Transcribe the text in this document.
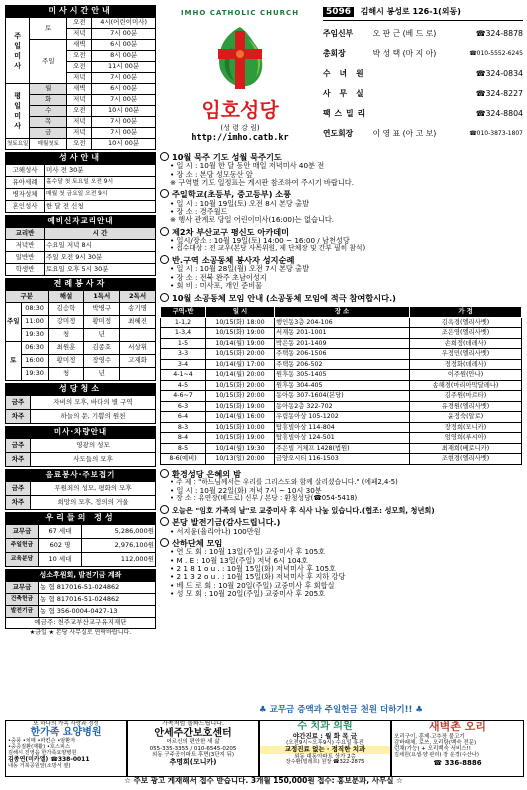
미사시간안내
주
일
미
사	토	오전	4시(어린이미사)
		저녁	7시 00분
	주일	새벽	6시 00분
		오전	8시 00분
		오전	11시 00분
		저녁	7시 00분
평
일
미
사	월	새벽	6시 00분
	화	저녁	7시 00분
	수	오전	10시 00분
	목	저녁	7시 00분
	금	저녁	7시 00분
첫토요일	매월첫토	오전	10시 00분
성사안내
고해성사	미사 전 30분
유아세례	홀수달 첫 토요일 오전 9시
병자성체	매월 첫 금요일 오전 9시
혼인성사	한 달 전 신청
예비신자교리안내
교리반	시 간
저녁반	수요일 저녁 8시
일반반	주일 오전 9시 30분
학생반	토요일 오후 5시 30분
전례봉사자
구분		해설	1독서	2독서
주일	08:30	김승학	박병구	송기명
	11:00	강미정	황미정	최혜진
	19:30	청	년	
토	06:30	최원훈	김종호	서상휘
	16:00	황미정	장영수	고재화
	19:30	청	년	
성당청소
금주	자비의 모후, 바다의 별 구역
차주	하늘의 문, 기쁨의 원천
미사·차량안내
금주	영광의 성모
차주	사도들의 모후
음료봉사·주보접기
금주	무원죄의 성모, 평화의 모후
차주	희망의 모후, 정의의 거울
우리들의 정성
교무금	67 세대	5,286,000원
주일헌금	602 명	2,976,100원
교육분담	10 세대	112,000원
성소후원회, 발전기금 계좌
교무금	농 협 817016-51-024862
건축헌금	농 협 817016-51-024862
발전기금	농 협 356-0004-0427-13
예금주: 천주교부산교구유지재단	
★금일 ★ 본당 사무실로 연락바랍니다.
IMHO CATHOLIC CHURCH
임호성당
(성 령 강 림)
http://imho.catb.kr
5096 김해시 봉성로 126-1(외동)
주임신부	오 판 근 (베 드 로)	☎324-8878
총회장	박 성 택 (마 지 아)	☎010-5552-6245
수녀원		☎324-0834
사무실		☎324-8227
팩스밀리		☎324-8804
연도회장	이 영 표 (아 고 보)	☎010-3873-1807
10월 묵주 기도 성월 묵주기도
• 일 시 : 10월 한 달 동안 매일 저녁미사 40분 전
• 장 소 : 본당 성모동산 앞
※ 구역별 기도 일정표는 게시판 참조하여 주시기 바랍니다.
주일학교(초등부, 중고등부) 소풍
• 일 시 : 10월 19일(토) 오전 8시 본당 출발
• 장 소 : 경주월드
※ 행사 관계로 당일 어린이미사(16:00)는 없습니다.
제2차 부산교구 평신도 아카데미
• 일시/장소 : 10월 19일(토) 14:00 ~ 16:00 / 남천성당
• 접수대상 : 전 교우(본당 사목위원, 제 단체장 및 간부 필히 참석)
반.구역 소공동체 봉사자 성지순례
• 일 시 : 10월 28일(월) 오전 7시 본당 출발
• 장 소 : 전북 완주 초남이성지
• 회 비 : 미사포, 개인 준비물
10월 소공동체 모임 안내 (소공동체 모임에 적극 참여합시다.)
구역-반	일 시	장 소	가 정
1-1,2	10/15(화) 18:00	행인동3층 204-106	김옥경(엘리사벳)
1-3,4	10/15(화) 19:00	서재동 201-1001	조은영(엘리사벳)
1-5	10/14(월) 19:00	박은동 201-1409	손희정(데레사)
3-3	10/15(화) 20:00	주택동 206-1506	우정민(엘리사벳)
3-4	10/14(월) 17:00	주택동 206-502	정정화(데레사)
4-1~4	10/14(월) 20:00	원후동 305-1405	이주원(안나)
4-5	10/15(화) 20:00	원후동 304-405	송해경(마리아막달레나)
4-6~7	10/15(화) 20:00	동아동 307-1604(본당)	김주원(마르타)
6-3	10/15(화) 19:00	동아동2층 322-702	유경원(엘리사벳)
6-4	10/14(월) 16:00	우림동아상 105-1202	윤정숙(알로)
8-3	10/15(화) 10:00	탑휴빌아상 114-804	장정희(모니카)
8-4	10/15(화) 19:00	탑휴빌아상 124-501	엄영희(루시아)
8-5	10/14(월) 19:30	주은빌 거체프 1428(법원)	최재희(베로니카)
8-6(예비)	10/13(일) 20:00	금양오시티 116-1503	조현경(엘리사벳)
환경성당 은혜의 밤
• 주 제 : "하느님께서는 우리를 그리스도와 함께 살리셨습니다." (에페2,4-5)
• 일 시 : 10월 22일(화) 저녁 7시 ~ 10시 30분
• 장 소 : 유연장(베드로) 신부 / 본당 : 환청성당(☎054-5418)
오늘은 "임호 가족의 날"로 교중미사 후 식사 나눔 있습니다.(협조: 성모회, 청년회)
본당 발전기금(감사드립니다.)
• 서지윤(율리아나) 100만원
산하단체 모임
• 연 도 회 : 10월 13일(주일) 교중미사 후 105호
• M . E : 10월 13일(주일) 저녁 6시 104호
• 2 1 8 1 o u . : 10월 15일(화) 저녁미사 후 105호
• 2 1 3 2 o u . : 10월 15일(화) 저녁미사 후 지하 강당
• 베 드 로 회 : 10월 20일(주일) 교중미사 후 회합실
• 성 모 회 : 10월 20일(주일) 교중미사 후 205호
♣ 교무금 증액과 주일헌금 천원 더하기!! ♣
또 하나의 가족 사랑과 정성
한가족 요양병원
•중풍 •치매 •파킨슨 •암환자
•중증질환(재활) •호스피스
김해시 진영읍 한가족요양병원
김종연(미카엘) ☎338-0011
내동 거북공원앞(소방서 옆)
가족처럼 돌봐드립니다.
안세주간보호센터
어르신의 편안한 새 삶
055-335-3355 / 010-6545-0205
외동 구주공이파트 후면(3단지 뒤)
추명희(모니카)
수 치과 의원
야간진료 : 월 화 목 금
(오전9시~오후9시) 수요일 휴진
교정진료 없는 · 정직한 치과
외동 대동아파트 상가 2층
장수환(빌레르) 원장 ☎322-2875
새벽촌 오리
오리구이, 훈제·고추장 불고기
감바래체, 로쓰, 오리탕(백숙 전문)
런채(가능) + 오리백숙 서비스!!
김채원(요셉·양 관리) 장 운경(수산나)
☎ 336-8886
☆ 주보 광고 게재해서 접수 받습니다. 3개월 150,000원 접수: 홍보분과, 사무실 ☆
